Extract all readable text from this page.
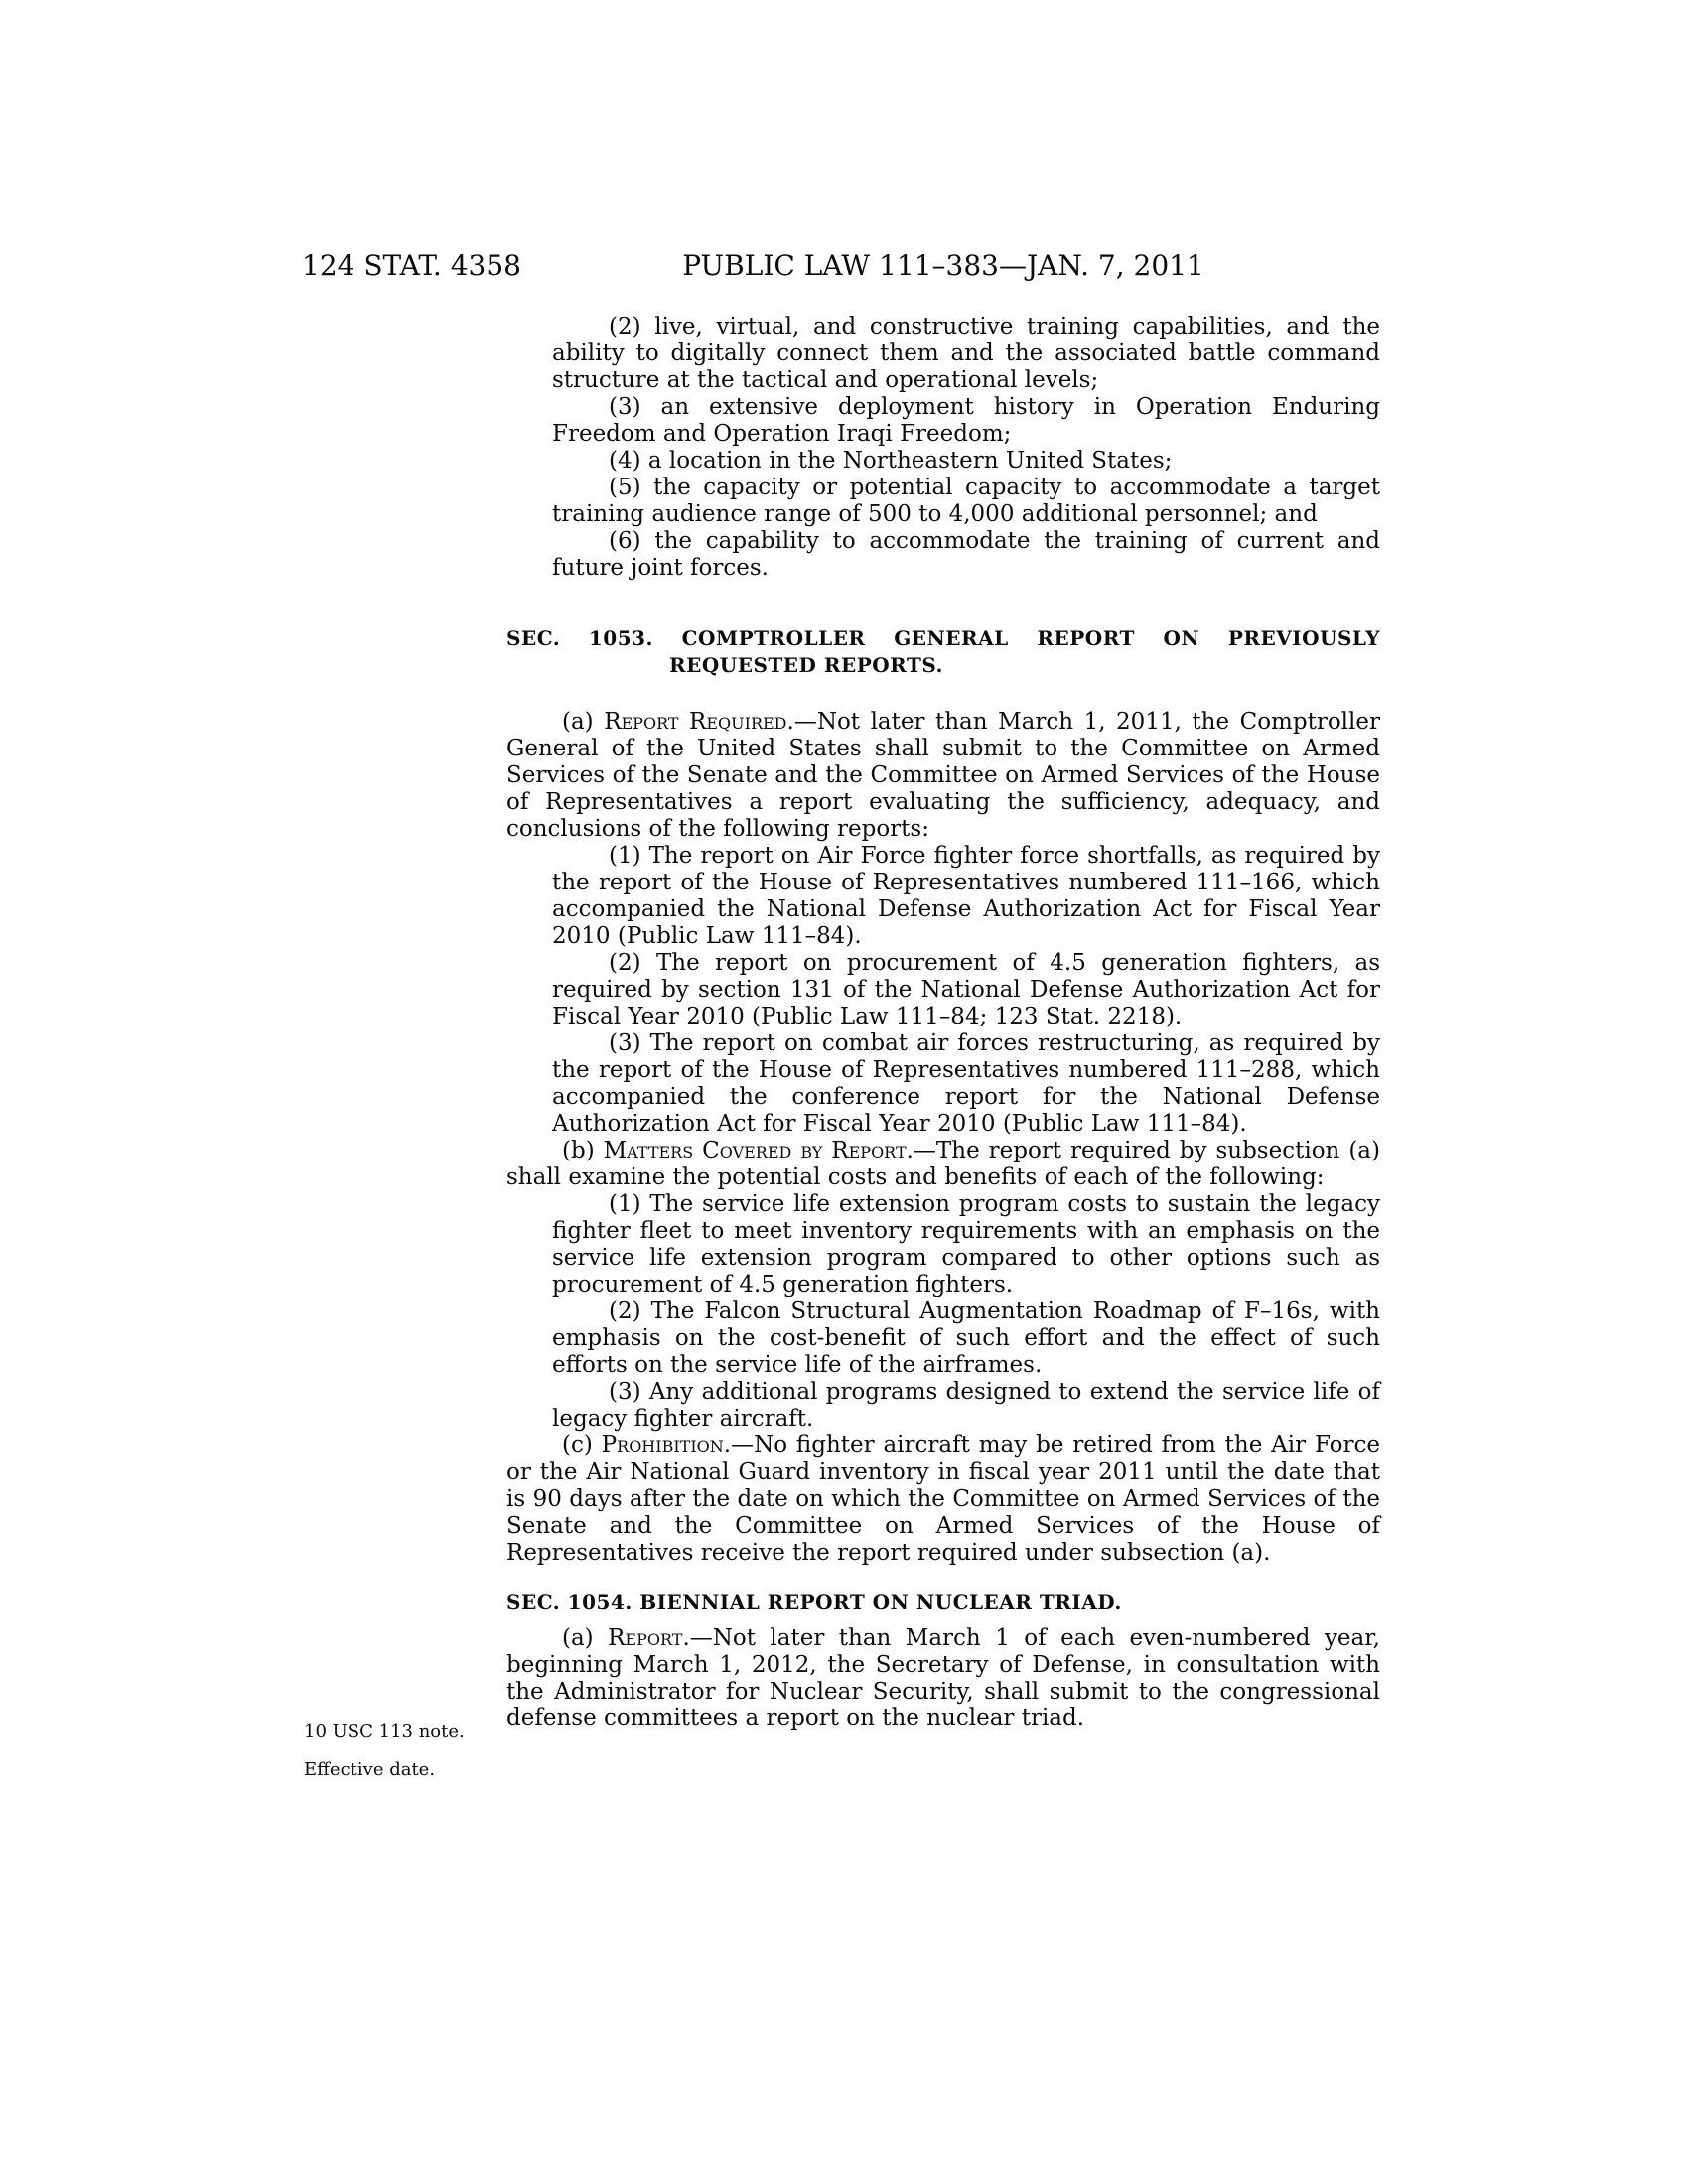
124 STAT. 4358	PUBLIC LAW 111–383—JAN. 7, 2011
10 USC 113 note.
Effective date.

(2) live, virtual, and constructive training capabilities, and the ability to digitally connect them and the associated battle command structure at the tactical and operational levels;

(3) an extensive deployment history in Operation Enduring Freedom and Operation Iraqi Freedom;

(4) a location in the Northeastern United States;

(5) the capacity or potential capacity to accommodate a target training audience range of 500 to 4,000 additional personnel; and

(6) the capability to accommodate the training of current and future joint forces.

SEC. 1053. COMPTROLLER GENERAL REPORT ON PREVIOUSLY REQUESTED REPORTS.

(a) Report Required.—Not later than March 1, 2011, the Comptroller General of the United States shall submit to the Committee on Armed Services of the Senate and the Committee on Armed Services of the House of Representatives a report evaluating the sufficiency, adequacy, and conclusions of the following reports:

(1) The report on Air Force fighter force shortfalls, as required by the report of the House of Representatives numbered 111–166, which accompanied the National Defense Authorization Act for Fiscal Year 2010 (Public Law 111–84).

(2) The report on procurement of 4.5 generation fighters, as required by section 131 of the National Defense Authorization Act for Fiscal Year 2010 (Public Law 111–84; 123 Stat. 2218).

(3) The report on combat air forces restructuring, as required by the report of the House of Representatives numbered 111–288, which accompanied the conference report for the National Defense Authorization Act for Fiscal Year 2010 (Public Law 111–84).

(b) Matters Covered by Report.—The report required by subsection (a) shall examine the potential costs and benefits of each of the following:

(1) The service life extension program costs to sustain the legacy fighter fleet to meet inventory requirements with an emphasis on the service life extension program compared to other options such as procurement of 4.5 generation fighters.

(2) The Falcon Structural Augmentation Roadmap of F–16s, with emphasis on the cost-benefit of such effort and the effect of such efforts on the service life of the airframes.

(3) Any additional programs designed to extend the service life of legacy fighter aircraft.

(c) Prohibition.—No fighter aircraft may be retired from the Air Force or the Air National Guard inventory in fiscal year 2011 until the date that is 90 days after the date on which the Committee on Armed Services of the Senate and the Committee on Armed Services of the House of Representatives receive the report required under subsection (a).

SEC. 1054. BIENNIAL REPORT ON NUCLEAR TRIAD.

(a) Report.—Not later than March 1 of each even-numbered year, beginning March 1, 2012, the Secretary of Defense, in consultation with the Administrator for Nuclear Security, shall submit to the congressional defense committees a report on the nuclear triad.
